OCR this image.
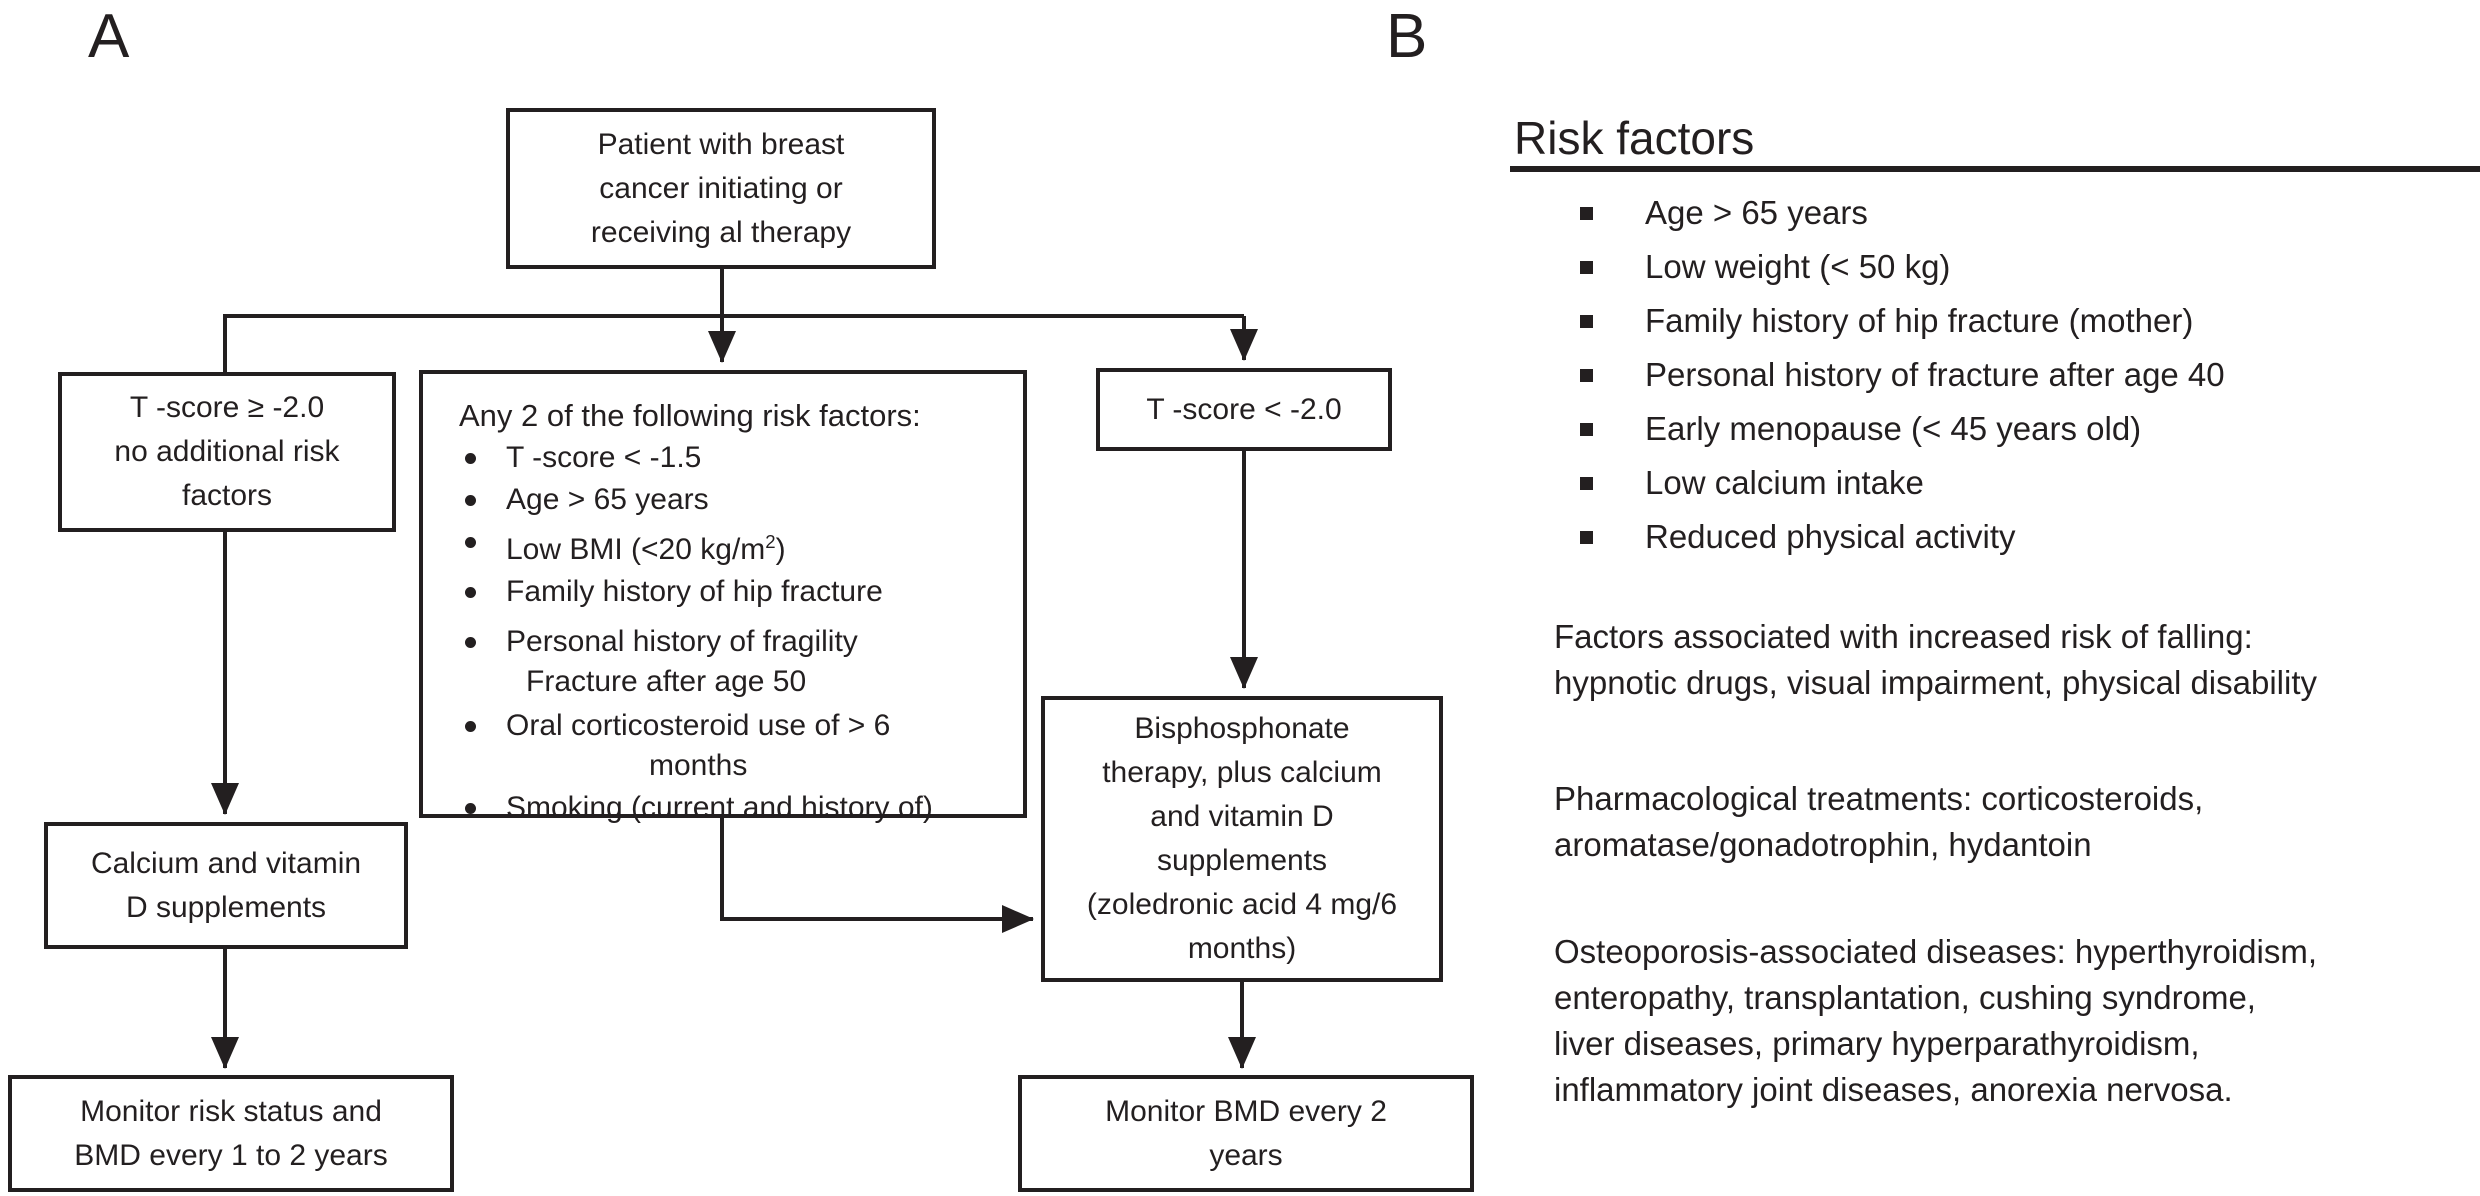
A
Patient with breast
cancer initiating or
receiving al therapy
T -score ≥ -2.0
no additional risk
factors
Any 2 of the following risk factors:
T -score < -1.5
Age > 65 years
Low BMI (<20 $kg/m^2$)
Family history of hip fracture
Personal history of fragility
Fracture after age 50
Oral corticosteroid use of > 6
months
Smoking (current and history of)
T -score < -2.0
Calcium and vitamin
D supplements
Monitor risk status and
BMD every 1 to 2 years
Bisphosphonate
therapy, plus calcium
and vitamin D
supplements
(zoledronic acid 4 mg/6
months)
Monitor BMD every 2
years
B
Risk factors
Age > 65 years
Low weight (< 50 kg)
Family history of hip fracture (mother)
Personal history of fracture after age 40
Early menopause (< 45 years old)
Low calcium intake
Reduced physical activity
Factors associated with increased risk of falling:
hypnotic drugs, visual impairment, physical disability
Pharmacological treatments: corticosteroids,
aromatase/gonadotrophin, hydantoin
Osteoporosis-associated diseases: hyperthyroidism,
enteropathy, transplantation, cushing syndrome,
liver diseases, primary hyperparathyroidism,
inflammatory joint diseases, anorexia nervosa.
